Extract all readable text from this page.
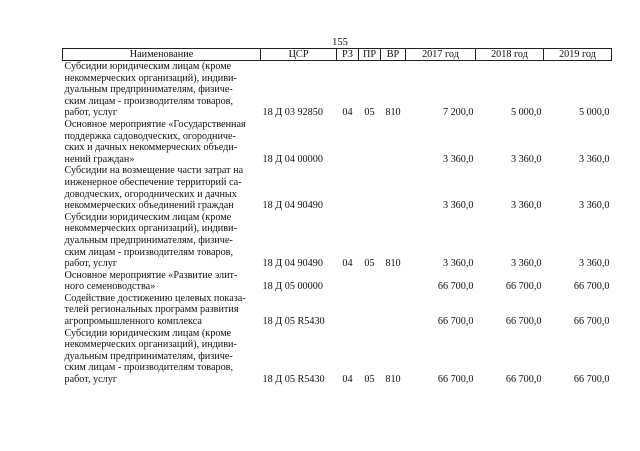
155
Наименование	ЦСР	РЗ	ПР	ВР	2017 год	2018 год	2019 год

Субсидии юридическим лицам (кроме
некоммерческих организаций), индиви-
дуальным предпринимателям, физиче-
ским лицам - производителям товаров,
работ, услуг	18 Д 03 92850	04	05	810	7 200,0	5 000,0	5 000,0

Основное мероприятие «Государственная
поддержка садоводческих, огородниче-
ских и дачных некоммерческих объеди-
нений граждан»	18 Д 04 00000				3 360,0	3 360,0	3 360,0

Субсидии на возмещение части затрат на
инженерное обеспечение территорий са-
доводческих, огороднических и дачных
некоммерческих объединений граждан	18 Д 04 90490				3 360,0	3 360,0	3 360,0

Субсидии юридическим лицам (кроме
некоммерческих организаций), индиви-
дуальным предпринимателям, физиче-
ским лицам - производителям товаров,
работ, услуг	18 Д 04 90490	04	05	810	3 360,0	3 360,0	3 360,0

Основное мероприятие «Развитие элит-
ного семеноводства»	18 Д 05 00000				66 700,0	66 700,0	66 700,0

Содействие достижению целевых показа-
телей региональных программ развития
агропромышленного комплекса	18 Д 05 R5430				66 700,0	66 700,0	66 700,0

Субсидии юридическим лицам (кроме
некоммерческих организаций), индиви-
дуальным предпринимателям, физиче-
ским лицам - производителям товаров,
работ, услуг	18 Д 05 R5430	04	05	810	66 700,0	66 700,0	66 700,0
